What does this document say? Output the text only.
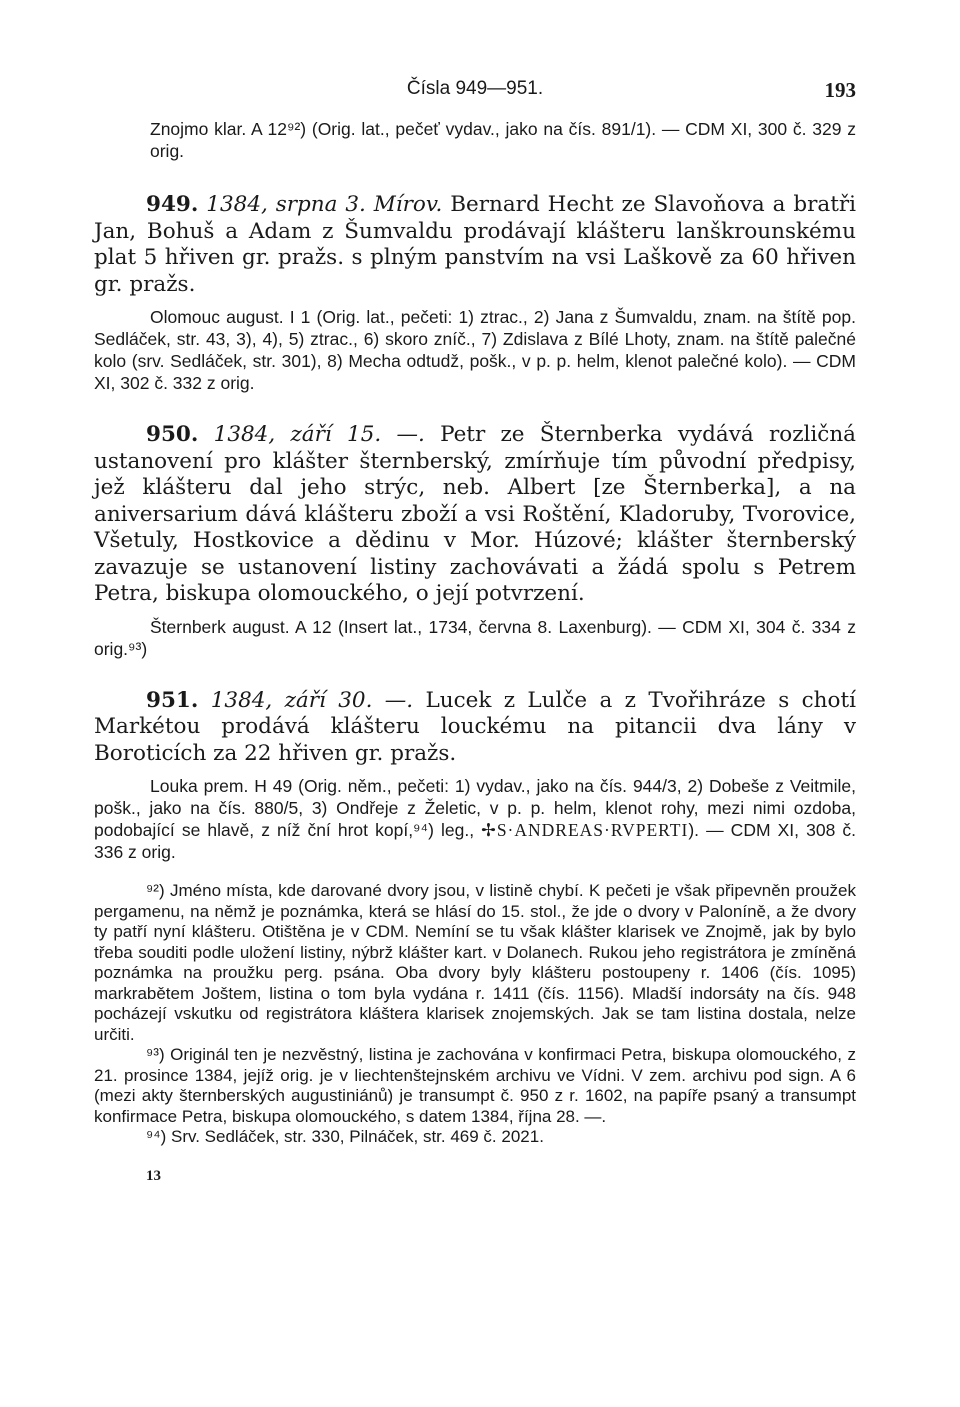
Čísla 949—951.	193

Znojmo klar. A 12⁹²) (Orig. lat., pečeť vydav., jako na čís. 891/1). — CDM XI, 300 č. 329 z orig.

949. 1384, srpna 3. Mírov. Bernard Hecht ze Slavoňova a bratři Jan, Bohuš a Adam z Šumvaldu prodávají klášteru lanškrounskému plat 5 hřiven gr. pražs. s plným panstvím na vsi Laškově za 60 hřiven gr. pražs.

Olomouc august. I 1 (Orig. lat., pečeti: 1) ztrac., 2) Jana z Šumvaldu, znam. na štítě pop. Sedláček, str. 43, 3), 4), 5) ztrac., 6) skoro zníč., 7) Zdislava z Bílé Lhoty, znam. na štítě palečné kolo (srv. Sedláček, str. 301), 8) Mecha odtudž, pošk., v p. p. helm, klenot palečné kolo). — CDM XI, 302 č. 332 z orig.

950. 1384, září 15. —. Petr ze Šternberka vydává rozličná ustanovení pro klášter šternberský, zmírňuje tím původní předpisy, jež klášteru dal jeho strýc, neb. Albert [ze Šternberka], a na aniversarium dává klášteru zboží a vsi Roštění, Kladoruby, Tvorovice, Všetuly, Hostkovice a dědinu v Mor. Húzové; klášter šternberský zavazuje se ustanovení listiny zachovávati a žádá spolu s Petrem Petra, biskupa olomouckého, o její potvrzení.

Šternberk august. A 12 (Insert lat., 1734, června 8. Laxenburg). — CDM XI, 304 č. 334 z orig.⁹³)

951. 1384, září 30. —. Lucek z Lulče a z Tvořihráze s chotí Markétou prodává klášteru louckému na pitancii dva lány v Boroticích za 22 hřiven gr. pražs.

Louka prem. H 49 (Orig. něm., pečeti: 1) vydav., jako na čís. 944/3, 2) Dobeše z Veitmile, pošk., jako na čís. 880/5, 3) Ondřeje z Želetic, v p. p. helm, klenot rohy, mezi nimi ozdoba, podobající se hlavě, z níž ční hrot kopí,⁹⁴) leg., ✢S·ANDREAS·RVPERTI). — CDM XI, 308 č. 336 z orig.

⁹²) Jméno místa, kde darované dvory jsou, v listině chybí. K pečeti je však připevněn proužek pergamenu, na němž je poznámka, která se hlásí do 15. stol., že jde o dvory v Paloníně, a že dvory ty patří nyní klášteru. Otištěna je v CDM. Nemíní se tu však klášter klarisek ve Znojmě, jak by bylo třeba souditi podle uložení listiny, nýbrž klášter kart. v Dolanech. Rukou jeho registrátora je zmíněná poznámka na proužku perg. psána. Oba dvory byly klášteru postoupeny r. 1406 (čís. 1095) markrabětem Joštem, listina o tom byla vydána r. 1411 (čís. 1156). Mladší indorsáty na čís. 948 pocházejí vskutku od registrátora kláštera klarisek znojemských. Jak se tam listina dostala, nelze určiti.

⁹³) Originál ten je nezvěstný, listina je zachována v konfirmaci Petra, biskupa olomouckého, z 21. prosince 1384, jejíž orig. je v liechtenštejnském archivu ve Vídni. V zem. archivu pod sign. A 6 (mezi akty šternberských augustiniánů) je transumpt č. 950 z r. 1602, na papíře psaný a transumpt konfirmace Petra, biskupa olomouckého, s datem 1384, října 28. —.

⁹⁴) Srv. Sedláček, str. 330, Pilnáček, str. 469 č. 2021.

13
